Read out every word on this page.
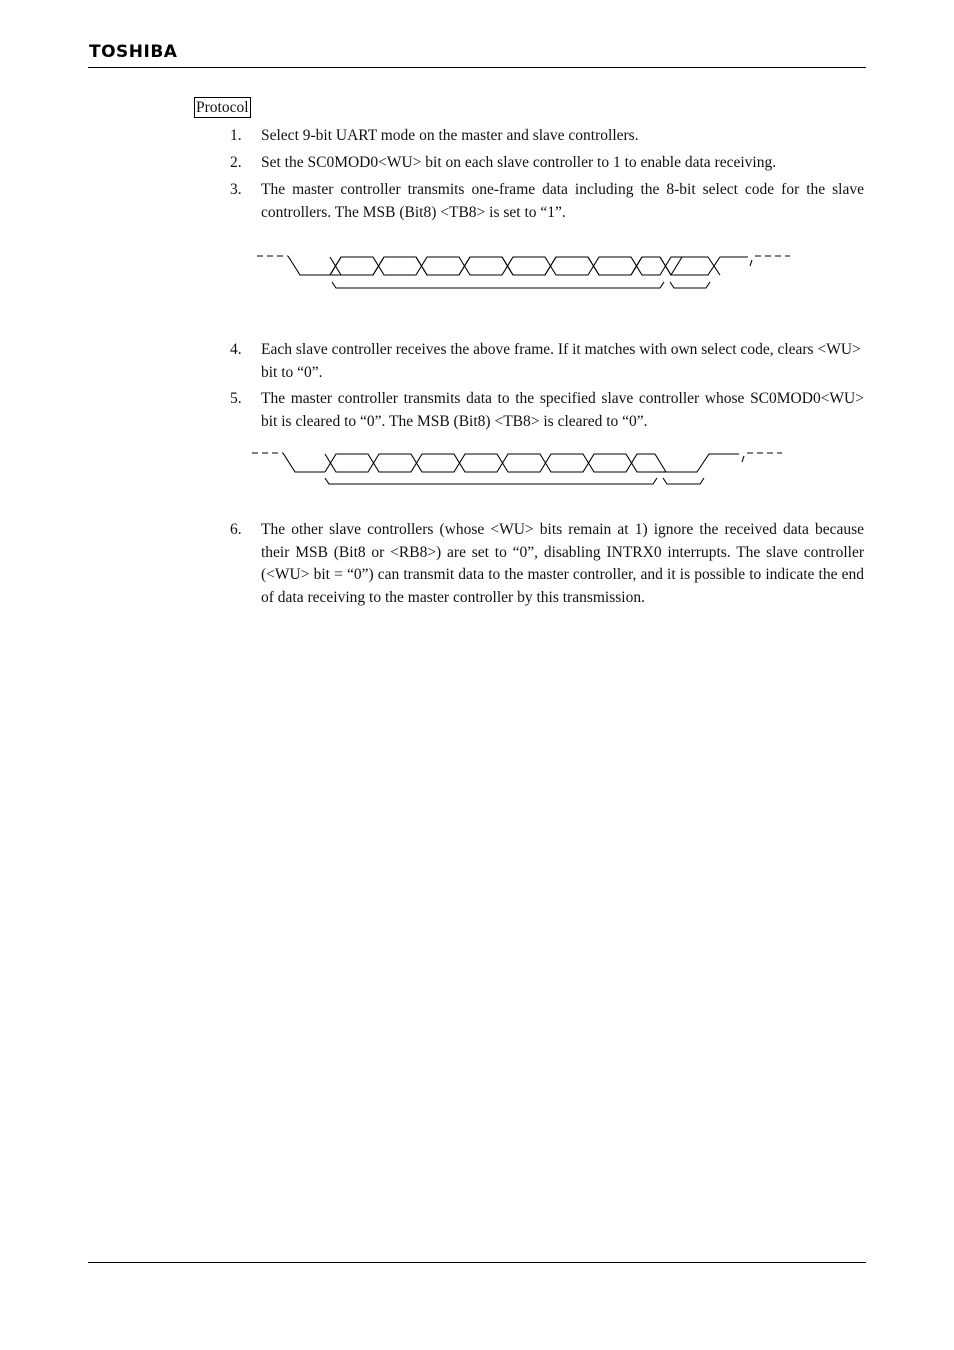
TOSHIBA
Protocol
1.	Select 9-bit UART mode on the master and slave controllers.
2.	Set the SC0MOD0<WU> bit on each slave controller to 1 to enable data receiving.
3.	The master controller transmits one-frame data including the 8-bit select code for the slave controllers. The MSB (Bit8) <TB8> is set to “1”.
4.	Each slave controller receives the above frame. If it matches with own select code, clears <WU> bit to “0”.
5.	The master controller transmits data to the specified slave controller whose SC0MOD0<WU> bit is cleared to “0”. The MSB (Bit8) <TB8> is cleared to “0”.
6.	The other slave controllers (whose <WU> bits remain at 1) ignore the received data because their MSB (Bit8 or <RB8>) are set to “0”, disabling INTRX0 interrupts. The slave controller (<WU> bit = “0”) can transmit data to the master controller, and it is possible to indicate the end of data receiving to the master controller by this transmission.
